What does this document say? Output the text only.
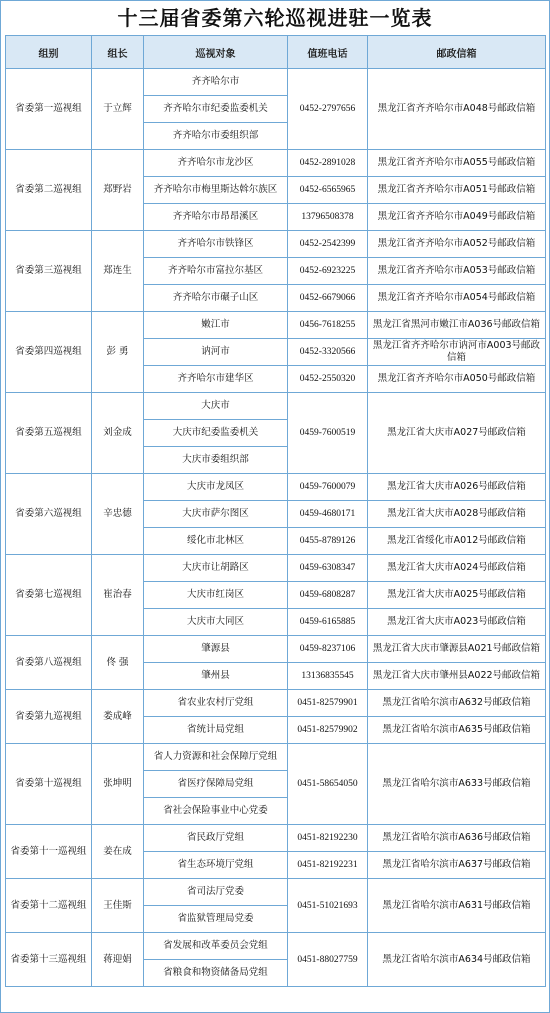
十三届省委第六轮巡视进驻一览表
组别	组长	巡视对象	值班电话	邮政信箱
省委第一巡视组	于立辉	齐齐哈尔市	0452-2797656	黑龙江省齐齐哈尔市A048号邮政信箱
		齐齐哈尔市纪委监委机关		
		齐齐哈尔市委组织部		
省委第二巡视组	郑野岩	齐齐哈尔市龙沙区	0452-2891028	黑龙江省齐齐哈尔市A055号邮政信箱
		齐齐哈尔市梅里斯达斡尔族区	0452-6565965	黑龙江省齐齐哈尔市A051号邮政信箱
		齐齐哈尔市昂昂溪区	13796508378	黑龙江省齐齐哈尔市A049号邮政信箱
省委第三巡视组	郑连生	齐齐哈尔市铁锋区	0452-2542399	黑龙江省齐齐哈尔市A052号邮政信箱
		齐齐哈尔市富拉尔基区	0452-6923225	黑龙江省齐齐哈尔市A053号邮政信箱
		齐齐哈尔市碾子山区	0452-6679066	黑龙江省齐齐哈尔市A054号邮政信箱
省委第四巡视组	彭 勇	嫩江市	0456-7618255	黑龙江省黑河市嫩江市A036号邮政信箱
		讷河市	0452-3320566	黑龙江省齐齐哈尔市讷河市A003号邮政信箱
		齐齐哈尔市建华区	0452-2550320	黑龙江省齐齐哈尔市A050号邮政信箱
省委第五巡视组	刘金成	大庆市	0459-7600519	黑龙江省大庆市A027号邮政信箱
		大庆市纪委监委机关		
		大庆市委组织部		
省委第六巡视组	辛忠德	大庆市龙凤区	0459-7600079	黑龙江省大庆市A026号邮政信箱
		大庆市萨尔图区	0459-4680171	黑龙江省大庆市A028号邮政信箱
		绥化市北林区	0455-8789126	黑龙江省绥化市A012号邮政信箱
省委第七巡视组	崔治春	大庆市让胡路区	0459-6308347	黑龙江省大庆市A024号邮政信箱
		大庆市红岗区	0459-6808287	黑龙江省大庆市A025号邮政信箱
		大庆市大同区	0459-6165885	黑龙江省大庆市A023号邮政信箱
省委第八巡视组	佟 强	肇源县	0459-8237106	黑龙江省大庆市肇源县A021号邮政信箱
		肇州县	13136835545	黑龙江省大庆市肇州县A022号邮政信箱
省委第九巡视组	娄成峰	省农业农村厅党组	0451-82579901	黑龙江省哈尔滨市A632号邮政信箱
		省统计局党组	0451-82579902	黑龙江省哈尔滨市A635号邮政信箱
省委第十巡视组	张坤明	省人力资源和社会保障厅党组	0451-58654050	黑龙江省哈尔滨市A633号邮政信箱
		省医疗保障局党组		
		省社会保险事业中心党委		
省委第十一巡视组	姜在成	省民政厅党组	0451-82192230	黑龙江省哈尔滨市A636号邮政信箱
		省生态环境厅党组	0451-82192231	黑龙江省哈尔滨市A637号邮政信箱
省委第十二巡视组	王佳斯	省司法厅党委	0451-51021693	黑龙江省哈尔滨市A631号邮政信箱
		省监狱管理局党委		
省委第十三巡视组	蒋迎娟	省发展和改革委员会党组	0451-88027759	黑龙江省哈尔滨市A634号邮政信箱
		省粮食和物资储备局党组		
